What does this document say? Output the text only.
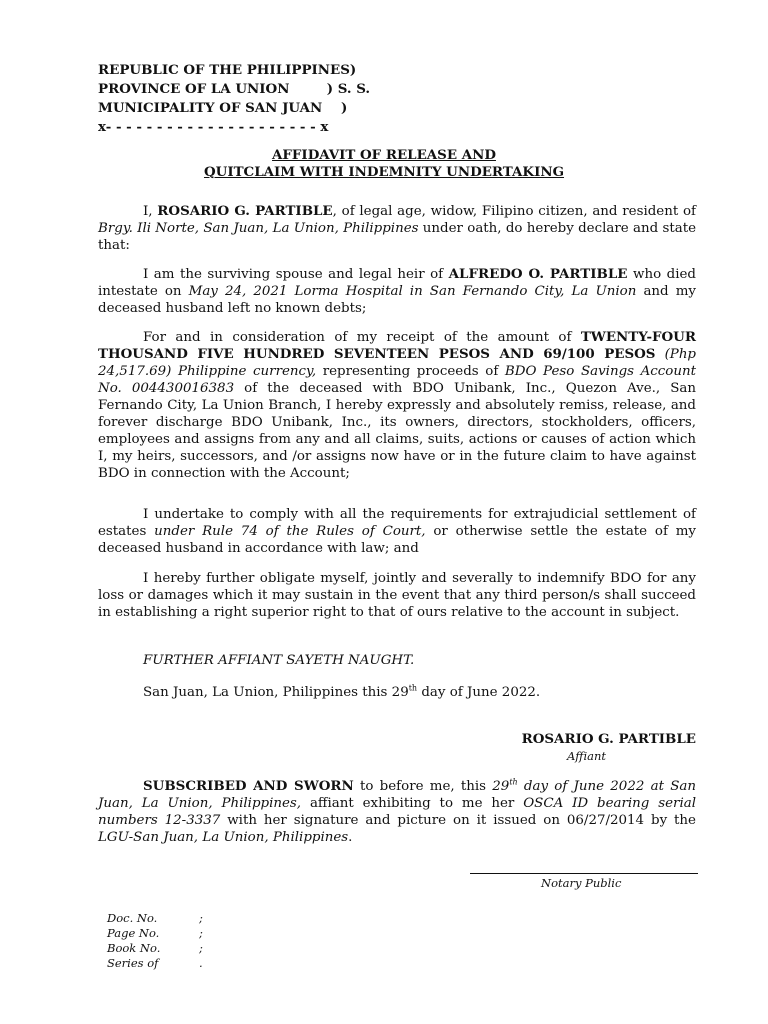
REPUBLIC OF THE PHILIPPINES)
PROVINCE OF LA UNION        ) S. S.
MUNICIPALITY OF SAN JUAN    )
x- - - - - - - - - - - - - - - - - - - - - x
AFFIDAVIT OF RELEASE AND
QUITCLAIM WITH INDEMNITY UNDERTAKING

I, ROSARIO G. PARTIBLE, of legal age, widow, Filipino citizen, and resident of Brgy. Ili Norte, San Juan, La Union, Philippines under oath, do hereby declare and state that:

I am the surviving spouse and legal heir of ALFREDO O. PARTIBLE who died intestate on May 24, 2021 Lorma Hospital in San Fernando City, La Union and my deceased husband left no known debts;

For and in consideration of my receipt of the amount of TWENTY-FOUR THOUSAND FIVE HUNDRED SEVENTEEN PESOS AND 69/100 PESOS (Php 24,517.69) Philippine currency, representing proceeds of BDO Peso Savings Account No. 004430016383 of the deceased with BDO Unibank, Inc., Quezon Ave., San Fernando City, La Union Branch, I hereby expressly and absolutely remiss, release, and forever discharge BDO Unibank, Inc., its owners, directors, stockholders, officers, employees and assigns from any and all claims, suits, actions or causes of action which I, my heirs, successors, and /or assigns now have or in the future claim to have against BDO in connection with the Account;

I undertake to comply with all the requirements for extrajudicial settlement of estates under Rule 74 of the Rules of Court, or otherwise settle the estate of my deceased husband in accordance with law; and

I hereby further obligate myself, jointly and severally to indemnify BDO for any loss or damages which it may sustain in the event that any third person/s shall succeed in establishing a right superior right to that of ours relative to the account in subject.

FURTHER AFFIANT SAYETH NAUGHT.

San Juan, La Union, Philippines this 29th day of June 2022.

ROSARIO G. PARTIBLE
Affiant

SUBSCRIBED AND SWORN to before me, this 29th day of June 2022 at San Juan, La Union, Philippines, affiant exhibiting to me her OSCA ID bearing serial numbers 12-3337 with her signature and picture on it issued on 06/27/2014 by the LGU-San Juan, La Union, Philippines.

Notary Public
Doc. No.	;
Page No.	;
Book No.	;
Series of	.
